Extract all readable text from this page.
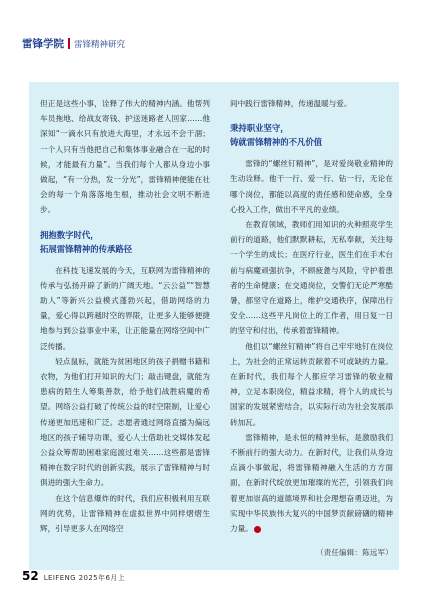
雷锋学院 雷锋精神研究

但正是这些小事，诠释了伟大的精神内涵。他帮列车员拖地、给战友寄钱、护送迷路老人回家……他深知“一滴水只有放进大海里，才永远不会干涸；一个人只有当他把自己和集体事业融合在一起的时候，才能最有力量”。当我们每个人都从身边小事做起，“有一分热，发一分光”，雷锋精神便能在社会的每一个角落落地生根，推动社会文明不断进步。

拥抱数字时代，
拓展雷锋精神的传承路径

在科技飞速发展的今天，互联网为雷锋精神的传承与弘扬开辟了新的广阔天地。“云公益”“智慧助人”等新兴公益模式蓬勃兴起，借助网络的力量，爱心得以跨越时空的界限，让更多人能够便捷地参与到公益事业中来，让正能量在网络空间中广泛传播。

轻点鼠标，就能为贫困地区的孩子捐赠书籍和衣物，为他们打开知识的大门；敲击键盘，就能为患病的陌生人筹集善款，给予他们战胜病魔的希望。网络公益打破了传统公益的时空限制，让爱心传递更加迅速和广泛。志愿者通过网络直播为偏远地区的孩子辅导功课，爱心人士借助社交媒体发起公益众筹帮助困难家庭渡过难关……这些都是雷锋精神在数字时代的创新实践，展示了雷锋精神与时俱进的强大生命力。

在这个信息爆炸的时代，我们应积极利用互联网的优势，让雷锋精神在虚拟世界中同样熠熠生辉，引导更多人在网络空

间中践行雷锋精神，传递温暖与爱。

秉持职业坚守，
铸就雷锋精神的不凡价值

雷锋的“螺丝钉精神”，是对爱岗敬业精神的生动诠释。他干一行、爱一行、钻一行，无论在哪个岗位，都能以高度的责任感和使命感，全身心投入工作，做出不平凡的业绩。

在教育领域，教师们用知识的火种照亮学生前行的道路，他们默默耕耘，无私奉献，关注每一个学生的成长；在医疗行业，医生们在手术台前与病魔顽强抗争，不顾疲惫与风险，守护着患者的生命健康；在交通岗位，交警们无论严寒酷暑，都坚守在道路上，维护交通秩序，保障出行安全……这些平凡岗位上的工作者，用日复一日的坚守和付出，传承着雷锋精神。

他们以“螺丝钉精神”将自己牢牢地钉在岗位上，为社会的正常运转贡献着不可或缺的力量。在新时代，我们每个人都应学习雷锋的敬业精神，立足本职岗位，精益求精，将个人的成长与国家的发展紧密结合，以实际行动为社会发展添砖加瓦。

雷锋精神，是永恒的精神坐标，是激励我们不断前行的强大动力。在新时代，让我们从身边点滴小事做起，将雷锋精神融入生活的方方面面，在新时代绽放更加璀璨的光芒，引领我们向着更加崇高的道德境界和社会理想奋勇迈进，为实现中华民族伟大复兴的中国梦贡献磅礴的精神力量。

（责任编辑：陈远军）
52 LEIFENG 2025年6月上
